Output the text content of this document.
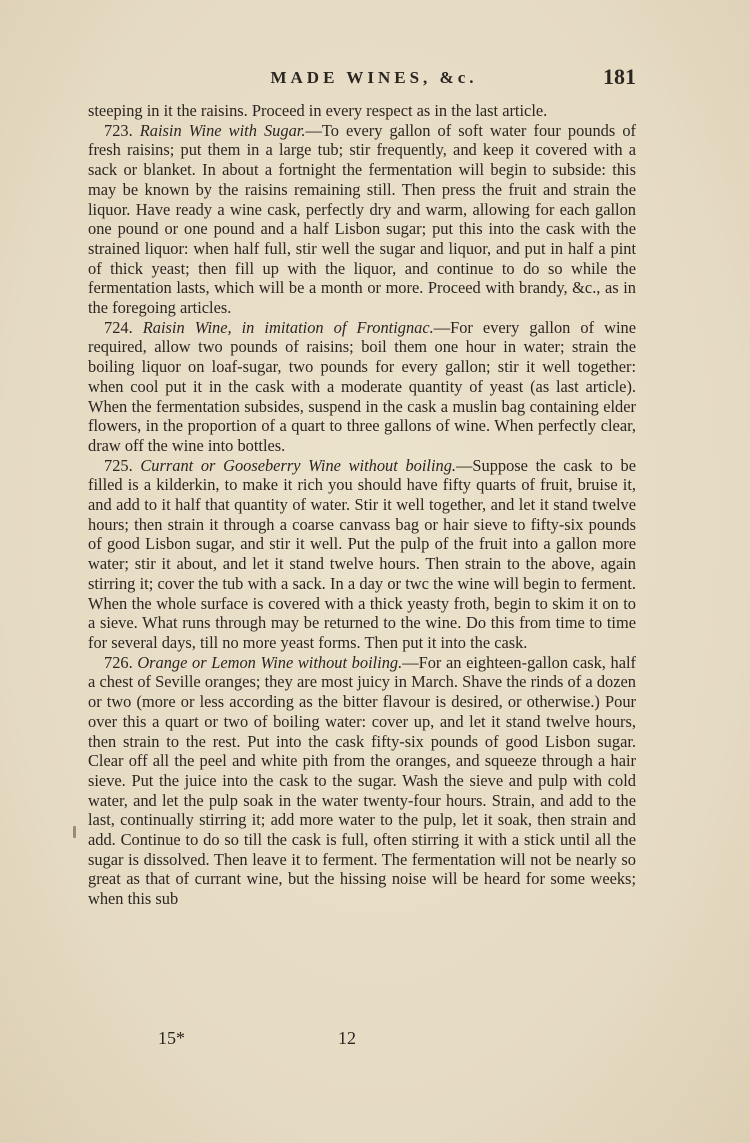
MADE WINES, &c.	181

steeping in it the raisins. Proceed in every respect as in the last article.

723. Raisin Wine with Sugar.—To every gallon of soft water four pounds of fresh raisins; put them in a large tub; stir frequently, and keep it covered with a sack or blanket. In about a fortnight the fermentation will begin to subside: this may be known by the raisins remaining still. Then press the fruit and strain the liquor. Have ready a wine cask, perfectly dry and warm, allowing for each gallon one pound or one pound and a half Lisbon sugar; put this into the cask with the strained liquor: when half full, stir well the sugar and liquor, and put in half a pint of thick yeast; then fill up with the liquor, and continue to do so while the fermentation lasts, which will be a month or more. Proceed with brandy, &c., as in the foregoing articles.

724. Raisin Wine, in imitation of Frontignac.—For every gallon of wine required, allow two pounds of raisins; boil them one hour in water; strain the boiling liquor on loaf-sugar, two pounds for every gallon; stir it well together: when cool put it in the cask with a moderate quantity of yeast (as last article). When the fermentation subsides, suspend in the cask a muslin bag containing elder flowers, in the proportion of a quart to three gallons of wine. When perfectly clear, draw off the wine into bottles.

725. Currant or Gooseberry Wine without boiling.—Suppose the cask to be filled is a kilderkin, to make it rich you should have fifty quarts of fruit, bruise it, and add to it half that quantity of water. Stir it well together, and let it stand twelve hours; then strain it through a coarse canvass bag or hair sieve to fifty-six pounds of good Lisbon sugar, and stir it well. Put the pulp of the fruit into a gallon more water; stir it about, and let it stand twelve hours. Then strain to the above, again stirring it; cover the tub with a sack. In a day or twc the wine will begin to ferment. When the whole surface is covered with a thick yeasty froth, begin to skim it on to a sieve. What runs through may be returned to the wine. Do this from time to time for several days, till no more yeast forms. Then put it into the cask.

726. Orange or Lemon Wine without boiling.—For an eighteen-gallon cask, half a chest of Seville oranges; they are most juicy in March. Shave the rinds of a dozen or two (more or less according as the bitter flavour is desired, or otherwise.) Pour over this a quart or two of boiling water: cover up, and let it stand twelve hours, then strain to the rest. Put into the cask fifty-six pounds of good Lisbon sugar. Clear off all the peel and white pith from the oranges, and squeeze through a hair sieve. Put the juice into the cask to the sugar. Wash the sieve and pulp with cold water, and let the pulp soak in the water twenty-four hours. Strain, and add to the last, continually stirring it; add more water to the pulp, let it soak, then strain and add. Continue to do so till the cask is full, often stirring it with a stick until all the sugar is dissolved. Then leave it to ferment. The fermentation will not be nearly so great as that of currant wine, but the hissing noise will be heard for some weeks; when this sub

15*	12
